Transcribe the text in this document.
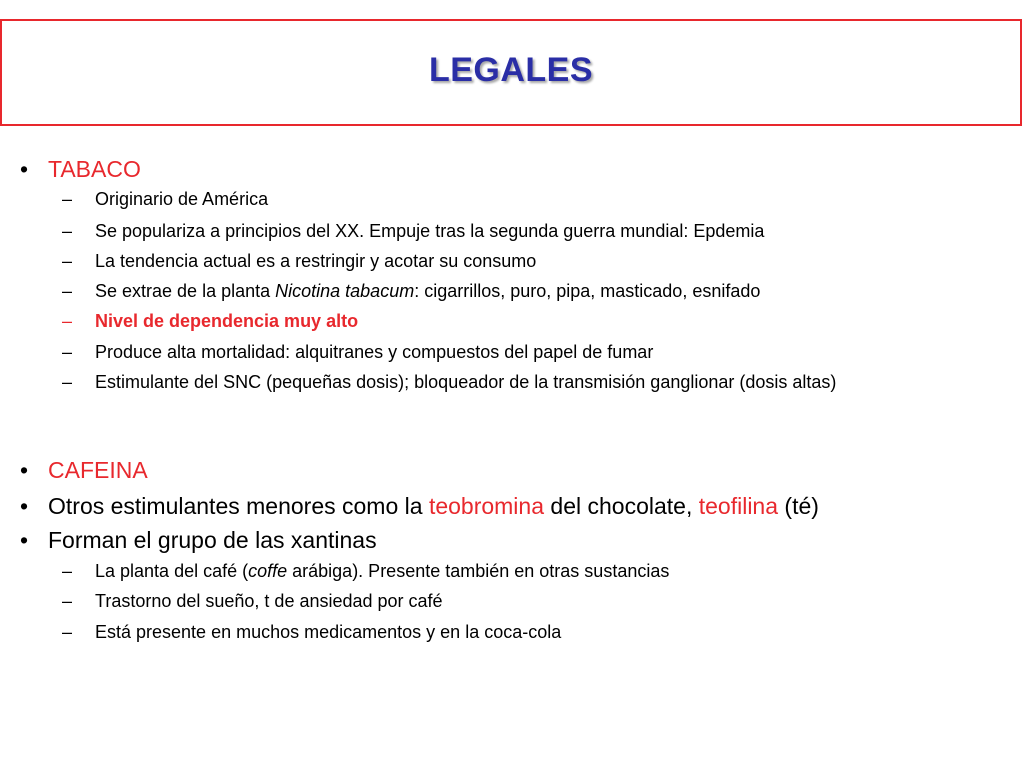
LEGALES
• TABACO
– Originario de América
– Se populariza a principios del XX. Empuje tras la segunda guerra mundial: Epdemia
– La tendencia actual es a restringir y acotar su consumo
– Se extrae de la planta Nicotina tabacum: cigarrillos, puro, pipa, masticado, esnifado
– Nivel de dependencia muy alto
– Produce alta mortalidad: alquitranes y compuestos del papel de fumar
– Estimulante del SNC (pequeñas dosis); bloqueador de la transmisión ganglionar (dosis altas)
• CAFEINA
• Otros estimulantes menores como la teobromina del chocolate, teofilina (té)
• Forman el grupo de las xantinas
– La planta del café (coffe arábiga). Presente también en otras sustancias
– Trastorno del sueño, t de ansiedad por café
– Está presente en muchos medicamentos y en la coca-cola
